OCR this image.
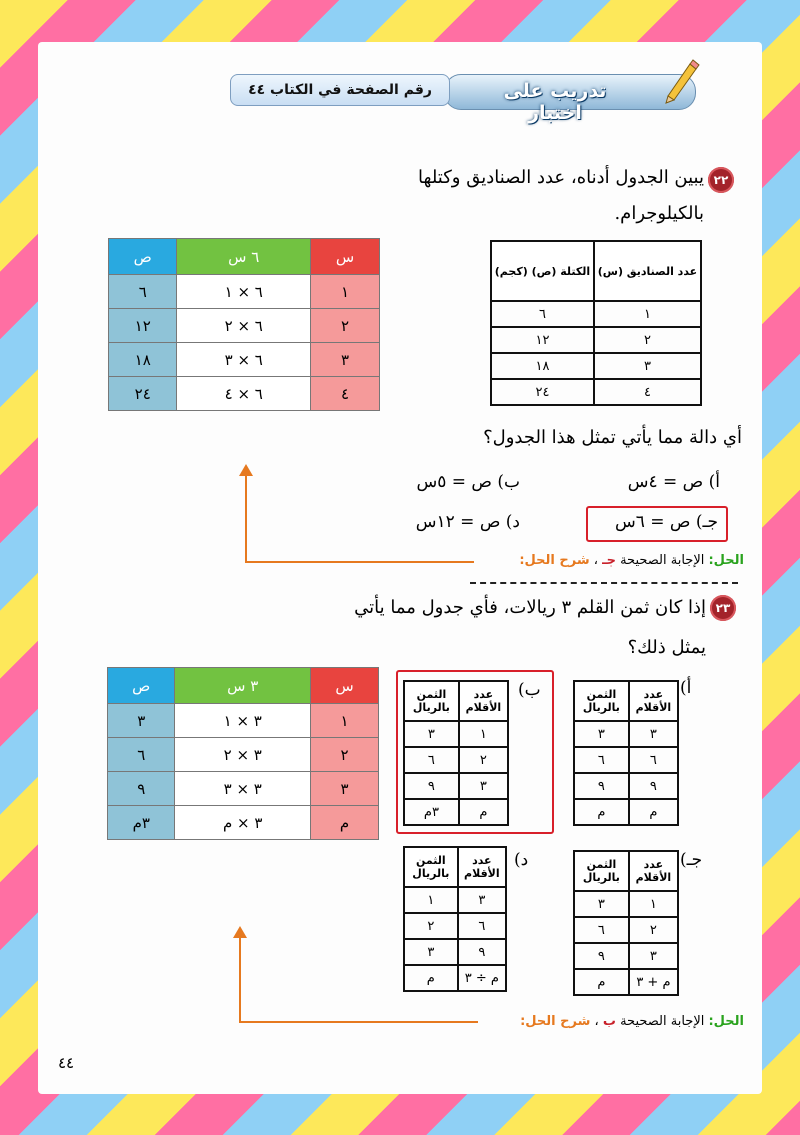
تدريب على اختبار
رقم الصفحة في الكتاب ٤٤
٢٢
يبين الجدول أدناه، عدد الصناديق وكتلها
بالكيلوجرام.
عدد الصناديق (س)	الكتلة (ص) (كجم)
١	٦
٢	١٢
٣	١٨
٤	٢٤
س	٦ س	ص
١	٦ × ١	٦
٢	٦ × ٢	١٢
٣	٦ × ٣	١٨
٤	٦ × ٤	٢٤
أي دالة مما يأتي تمثل هذا الجدول؟
أ) ص = ٤س
ب) ص = ٥س
جـ) ص = ٦س
د) ص = ١٢س
الحل: الإجابة الصحيحة جـ ، شرح الحل:
٢٣
إذا كان ثمن القلم ٣ ريالات، فأي جدول مما يأتي
يمثل ذلك؟
س	٣ س	ص
١	٣ × ١	٣
٢	٣ × ٢	٦
٣	٣ × ٣	٩
م	٣ × م	٣م
أ)
عدد الأقلام	الثمن بالريال
٣	٣
٦	٦
٩	٩
م	م
ب)
عدد الأقلام	الثمن بالريال
١	٣
٢	٦
٣	٩
م	٣م
جـ)
عدد الأقلام	الثمن بالريال
١	٣
٢	٦
٣	٩
م + ٣	م
د)
عدد الأقلام	الثمن بالريال
٣	١
٦	٢
٩	٣
م ÷ ٣	م
الحل: الإجابة الصحيحة ب ، شرح الحل:
٤٤
